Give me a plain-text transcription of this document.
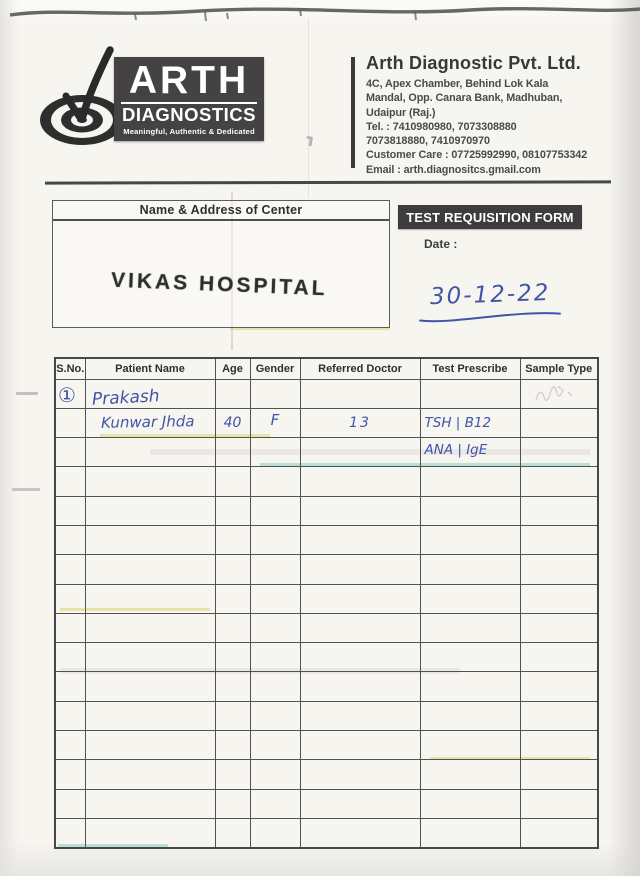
ARTH
DIAGNOSTICS
Meaningful, Authentic & Dedicated
Arth Diagnostic Pvt. Ltd.
4C, Apex Chamber, Behind Lok Kala
Mandal, Opp. Canara Bank, Madhuban,
Udaipur (Raj.)
Tel. : 7410980980, 7073308880
7073818880, 7410970970
Customer Care : 07725992990, 08107753342
Email : arth.diagnositcs.gmail.com
Name & Address of Center
VIKAS HOSPITAL
TEST REQUISITION FORM
Date :
30-12-22
S.No.	Patient Name	Age	Gender	Referred Doctor	Test Prescribe	Sample Type
①	Prakash					
	Kunwar Jhda	40	F	13	TSH | B12	
					ANA | IgE	
